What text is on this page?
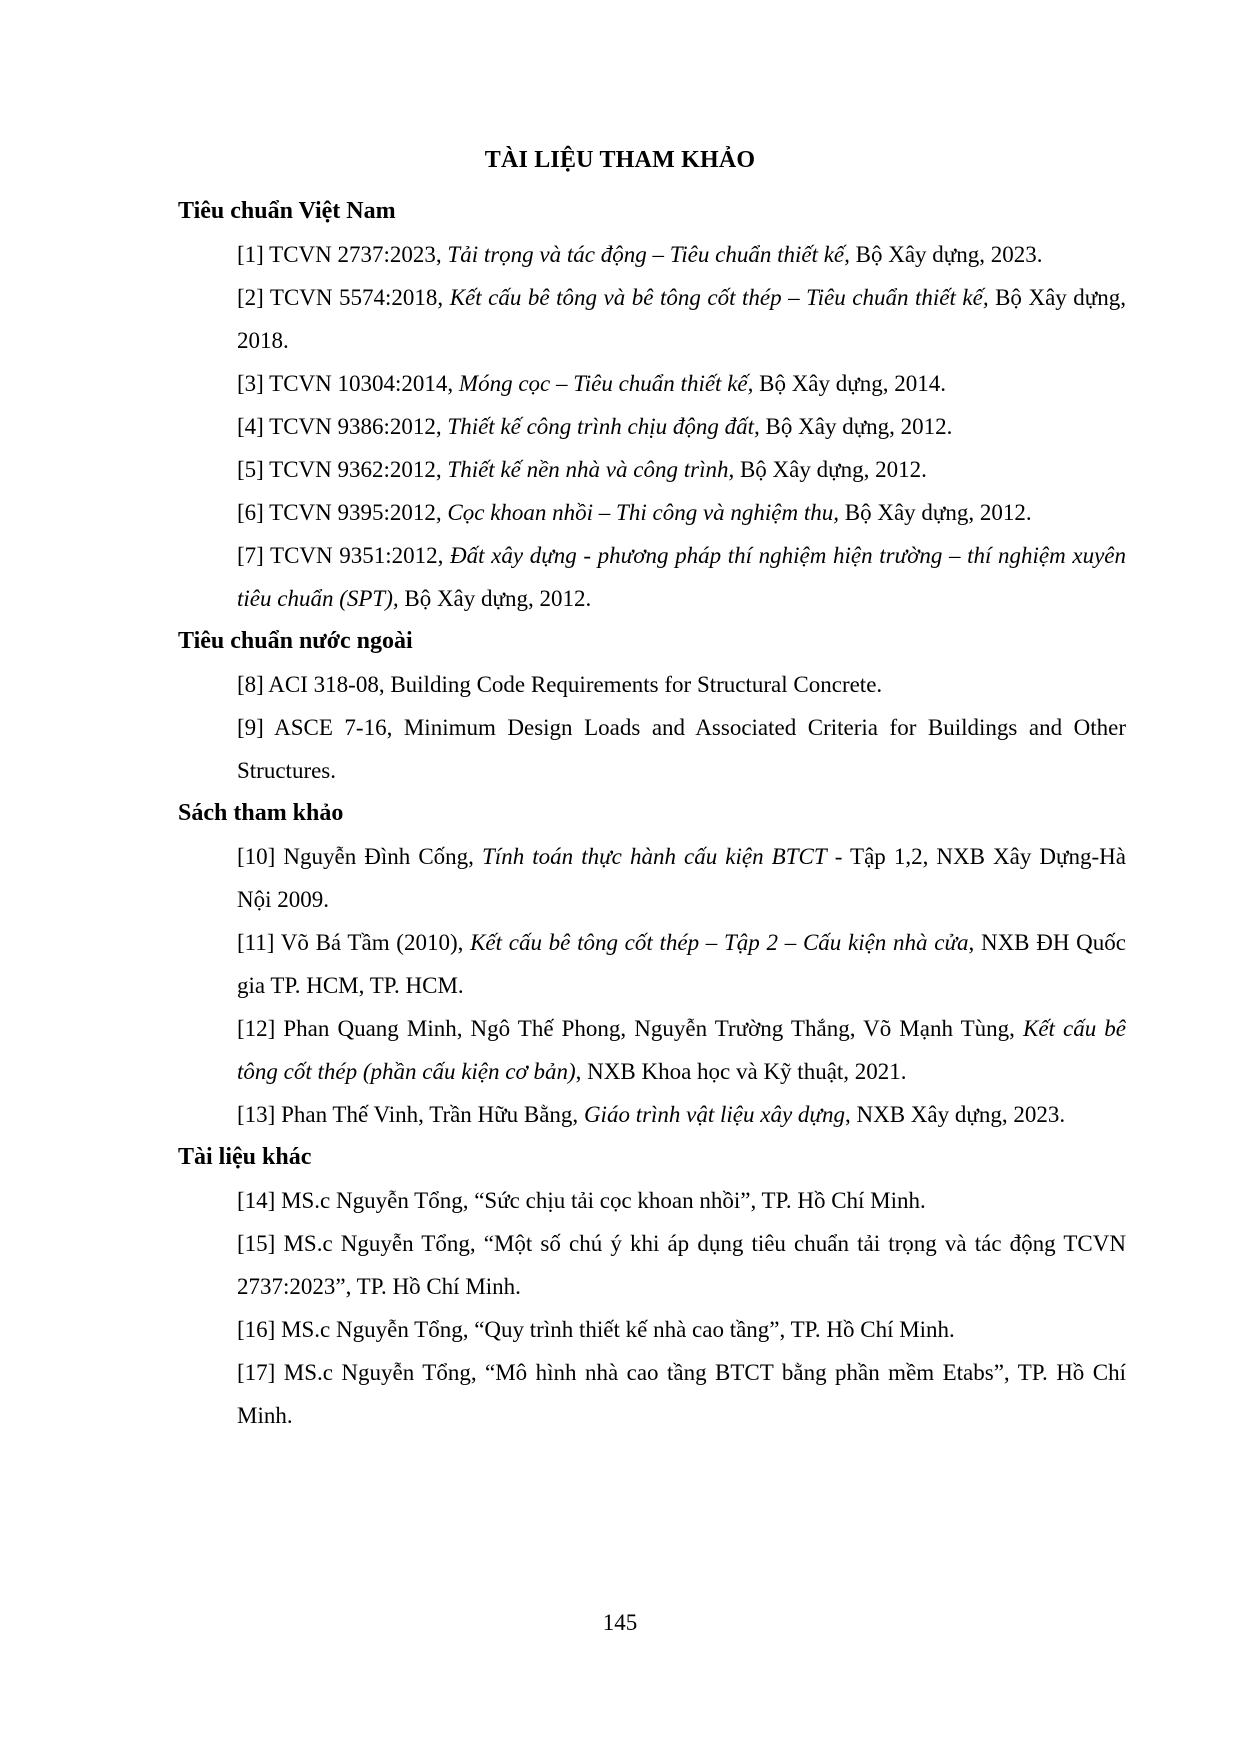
TÀI LIỆU THAM KHẢO
Tiêu chuẩn Việt Nam
[1] TCVN 2737:2023, Tải trọng và tác động – Tiêu chuẩn thiết kế, Bộ Xây dựng, 2023.
[2] TCVN 5574:2018, Kết cấu bê tông và bê tông cốt thép – Tiêu chuẩn thiết kế, Bộ Xây dựng, 2018.
[3] TCVN 10304:2014, Móng cọc – Tiêu chuẩn thiết kế, Bộ Xây dựng, 2014.
[4] TCVN 9386:2012, Thiết kế công trình chịu động đất, Bộ Xây dựng, 2012.
[5] TCVN 9362:2012, Thiết kế nền nhà và công trình, Bộ Xây dựng, 2012.
[6] TCVN 9395:2012, Cọc khoan nhồi – Thi công và nghiệm thu, Bộ Xây dựng, 2012.
[7] TCVN 9351:2012, Đất xây dựng - phương pháp thí nghiệm hiện trường – thí nghiệm xuyên tiêu chuẩn (SPT), Bộ Xây dựng, 2012.
Tiêu chuẩn nước ngoài
[8] ACI 318-08, Building Code Requirements for Structural Concrete.
[9] ASCE 7-16, Minimum Design Loads and Associated Criteria for Buildings and Other Structures.
Sách tham khảo
[10] Nguyễn Đình Cống, Tính toán thực hành cấu kiện BTCT - Tập 1,2, NXB Xây Dựng-Hà Nội 2009.
[11] Võ Bá Tầm (2010), Kết cấu bê tông cốt thép – Tập 2 – Cấu kiện nhà cửa, NXB ĐH Quốc gia TP. HCM, TP. HCM.
[12] Phan Quang Minh, Ngô Thế Phong, Nguyễn Trường Thắng, Võ Mạnh Tùng, Kết cấu bê tông cốt thép (phần cấu kiện cơ bản), NXB Khoa học và Kỹ thuật, 2021.
[13] Phan Thế Vinh, Trần Hữu Bằng, Giáo trình vật liệu xây dựng, NXB Xây dựng, 2023.
Tài liệu khác
[14] MS.c Nguyễn Tổng, “Sức chịu tải cọc khoan nhồi”, TP. Hồ Chí Minh.
[15] MS.c Nguyễn Tổng, “Một số chú ý khi áp dụng tiêu chuẩn tải trọng và tác động TCVN 2737:2023”, TP. Hồ Chí Minh.
[16] MS.c Nguyễn Tổng, “Quy trình thiết kế nhà cao tầng”, TP. Hồ Chí Minh.
[17] MS.c Nguyễn Tổng, “Mô hình nhà cao tầng BTCT bằng phần mềm Etabs”, TP. Hồ Chí Minh.
145
